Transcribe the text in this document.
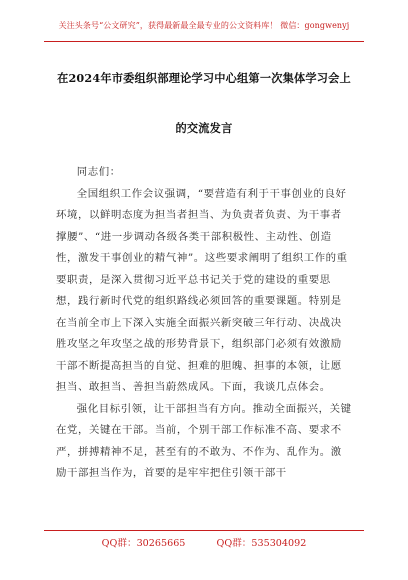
关注头条号“公文研究”，获得最新最全最专业的公文资料库！ 微信：gongwenyj
在2024年市委组织部理论学习中心组第一次集体学习会上
的交流发言

同志们：

全国组织工作会议强调，“要营造有利于干事创业的良好环境，以鲜明态度为担当者担当、为负责者负责、为干事者撑腰”、“进一步调动各级各类干部积极性、主动性、创造性，激发干事创业的精气神”。这些要求阐明了组织工作的重要职责，是深入贯彻习近平总书记关于党的建设的重要思想，践行新时代党的组织路线必须回答的重要课题。特别是在当前全市上下深入实施全面振兴新突破三年行动、决战决胜攻坚之年攻坚之战的形势背景下，组织部门必须有效激励干部不断提高担当的自觉、担难的胆魄、担事的本领，让愿担当、敢担当、善担当蔚然成风。下面，我谈几点体会。

强化目标引领，让干部担当有方向。推动全面振兴，关键在党，关键在干部。当前，个别干部工作标准不高、要求不严，拼搏精神不足，甚至有的不敢为、不作为、乱作为。激励干部担当作为，首要的是牢牢把住引领干部干

QQ群：30265665	QQ群：535304092
